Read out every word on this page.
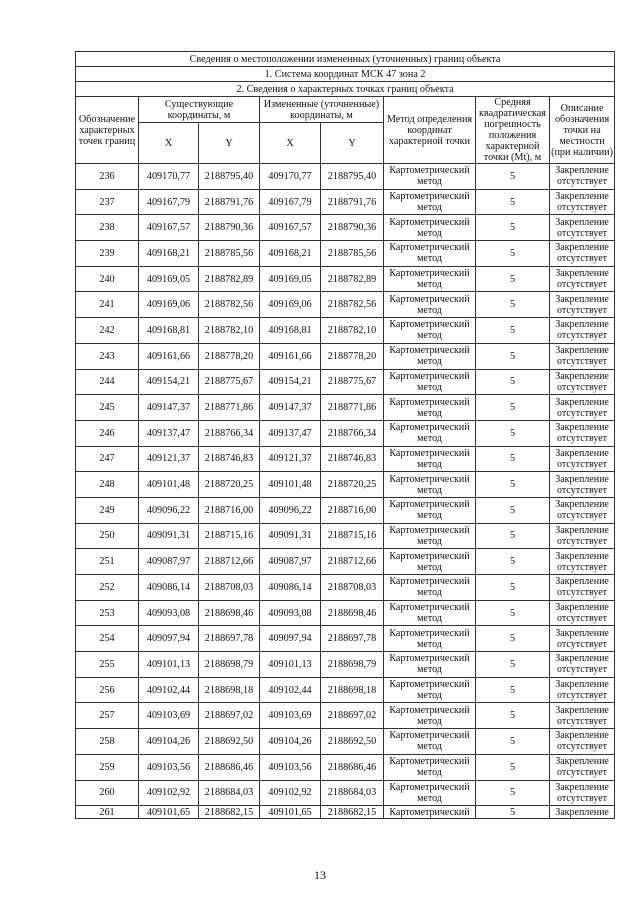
Сведения о местоположении измененных (уточненных) границ объекта							
1. Система координат МСК 47 зона 2							
2. Сведения о характерных точках границ объекта							
Обозначение характерных точек границ	Существующие координаты, м		Измененные (уточненные) координаты, м		Метод определения координат характерной точки	Средняя квадратическая погрешность положения характерной точки (Mt), м	Описание обозначения точки на местности (при наличии)
	X	Y	X	Y			
236	409170,77	2188795,40	409170,77	2188795,40	Картометрический метод	5	Закрепление отсутствует
237	409167,79	2188791,76	409167,79	2188791,76	Картометрический метод	5	Закрепление отсутствует
238	409167,57	2188790,36	409167,57	2188790,36	Картометрический метод	5	Закрепление отсутствует
239	409168,21	2188785,56	409168,21	2188785,56	Картометрический метод	5	Закрепление отсутствует
240	409169,05	2188782,89	409169,05	2188782,89	Картометрический метод	5	Закрепление отсутствует
241	409169,06	2188782,56	409169,06	2188782,56	Картометрический метод	5	Закрепление отсутствует
242	409168,81	2188782,10	409168,81	2188782,10	Картометрический метод	5	Закрепление отсутствует
243	409161,66	2188778,20	409161,66	2188778,20	Картометрический метод	5	Закрепление отсутствует
244	409154,21	2188775,67	409154,21	2188775,67	Картометрический метод	5	Закрепление отсутствует
245	409147,37	2188771,86	409147,37	2188771,86	Картометрический метод	5	Закрепление отсутствует
246	409137,47	2188766,34	409137,47	2188766,34	Картометрический метод	5	Закрепление отсутствует
247	409121,37	2188746,83	409121,37	2188746,83	Картометрический метод	5	Закрепление отсутствует
248	409101,48	2188720,25	409101,48	2188720,25	Картометрический метод	5	Закрепление отсутствует
249	409096,22	2188716,00	409096,22	2188716,00	Картометрический метод	5	Закрепление отсутствует
250	409091,31	2188715,16	409091,31	2188715,16	Картометрический метод	5	Закрепление отсутствует
251	409087,97	2188712,66	409087,97	2188712,66	Картометрический метод	5	Закрепление отсутствует
252	409086,14	2188708,03	409086,14	2188708,03	Картометрический метод	5	Закрепление отсутствует
253	409093,08	2188698,46	409093,08	2188698,46	Картометрический метод	5	Закрепление отсутствует
254	409097,94	2188697,78	409097,94	2188697,78	Картометрический метод	5	Закрепление отсутствует
255	409101,13	2188698,79	409101,13	2188698,79	Картометрический метод	5	Закрепление отсутствует
256	409102,44	2188698,18	409102,44	2188698,18	Картометрический метод	5	Закрепление отсутствует
257	409103,69	2188697,02	409103,69	2188697,02	Картометрический метод	5	Закрепление отсутствует
258	409104,26	2188692,50	409104,26	2188692,50	Картометрический метод	5	Закрепление отсутствует
259	409103,56	2188686,46	409103,56	2188686,46	Картометрический метод	5	Закрепление отсутствует
260	409102,92	2188684,03	409102,92	2188684,03	Картометрический метод	5	Закрепление отсутствует
261	409101,65	2188682,15	409101,65	2188682,15	Картометрический	5	Закрепление
13
